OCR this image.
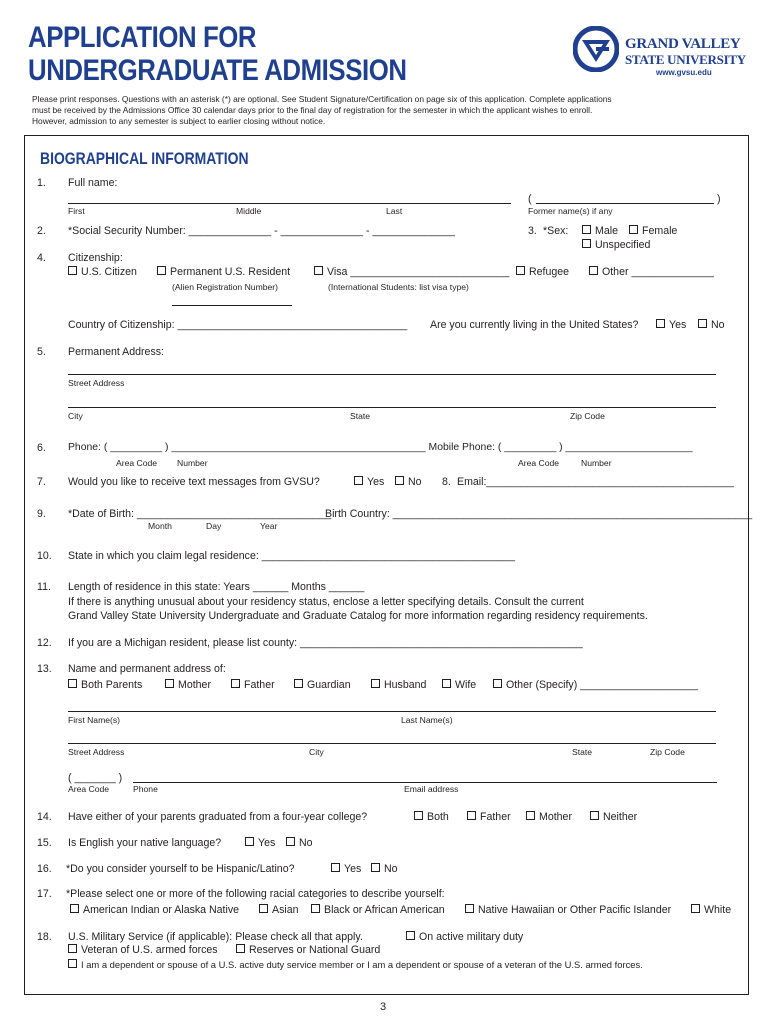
APPLICATION FOR
UNDERGRADUATE ADMISSION
GRAND VALLEY
STATE UNIVERSITY
www.gvsu.edu
Please print responses. Questions with an asterisk (*) are optional. See Student Signature/Certification on page six of this application. Complete applications
must be received by the Admissions Office 30 calendar days prior to the final day of registration for the semester in which the applicant wishes to enroll.
However, admission to any semester is subject to earlier closing without notice.
BIOGRAPHICAL INFORMATION
1. Full name:
(	)
First	Middle	Last	Former name(s) if any
2. *Social Security Number: ______________ - ______________ - ______________	3. *Sex:	Male	Female
Unspecified
4. Citizenship:
U.S. Citizen	Permanent U.S. Resident	Visa ___________________________	Refugee	Other ______________
(Alien Registration Number)	(International Students: list visa type)
Country of Citizenship: _______________________________________ Are you currently living in the United States?	Yes	No
5. Permanent Address:
Street Address
City	State	Zip Code
6. Phone: ( _________ ) ____________________________________________ Mobile Phone: ( _________ ) ______________________
Area Code Number	Area Code	Number
7. Would you like to receive text messages from GVSU?	Yes	No 8. Email:__________________________________________
9. *Date of Birth: _________________________________
Birth Country: _____________________________________________________________
Month	Day	Year
10. State in which you claim legal residence: ___________________________________________
11. Length of residence in this state: Years ______ Months ______
If there is anything unusual about your residency status, enclose a letter specifying details. Consult the current
Grand Valley State University Undergraduate and Graduate Catalog for more information regarding residency requirements.
12. If you are a Michigan resident, please list county: ________________________________________________
13. Name and permanent address of:
Both Parents	Mother	Father	Guardian	Husband	Wife	Other (Specify) ____________________
First Name(s)	Last Name(s)
Street Address	City	State	Zip Code
( _______ )
Area Code	Phone	Email address
14. Have either of your parents graduated from a four-year college?	Both	Father	Mother	Neither
15. Is English your native language?	Yes	No
16. *Do you consider yourself to be Hispanic/Latino?	Yes	No
17. *Please select one or more of the following racial categories to describe yourself:
American Indian or Alaska Native	Asian	Black or African American	Native Hawaiian or Other Pacific Islander	White
18. U.S. Military Service (if applicable): Please check all that apply.	On active military duty
Veteran of U.S. armed forces	Reserves or National Guard
I am a dependent or spouse of a U.S. active duty service member or I am a dependent or spouse of a veteran of the U.S. armed forces.
3
